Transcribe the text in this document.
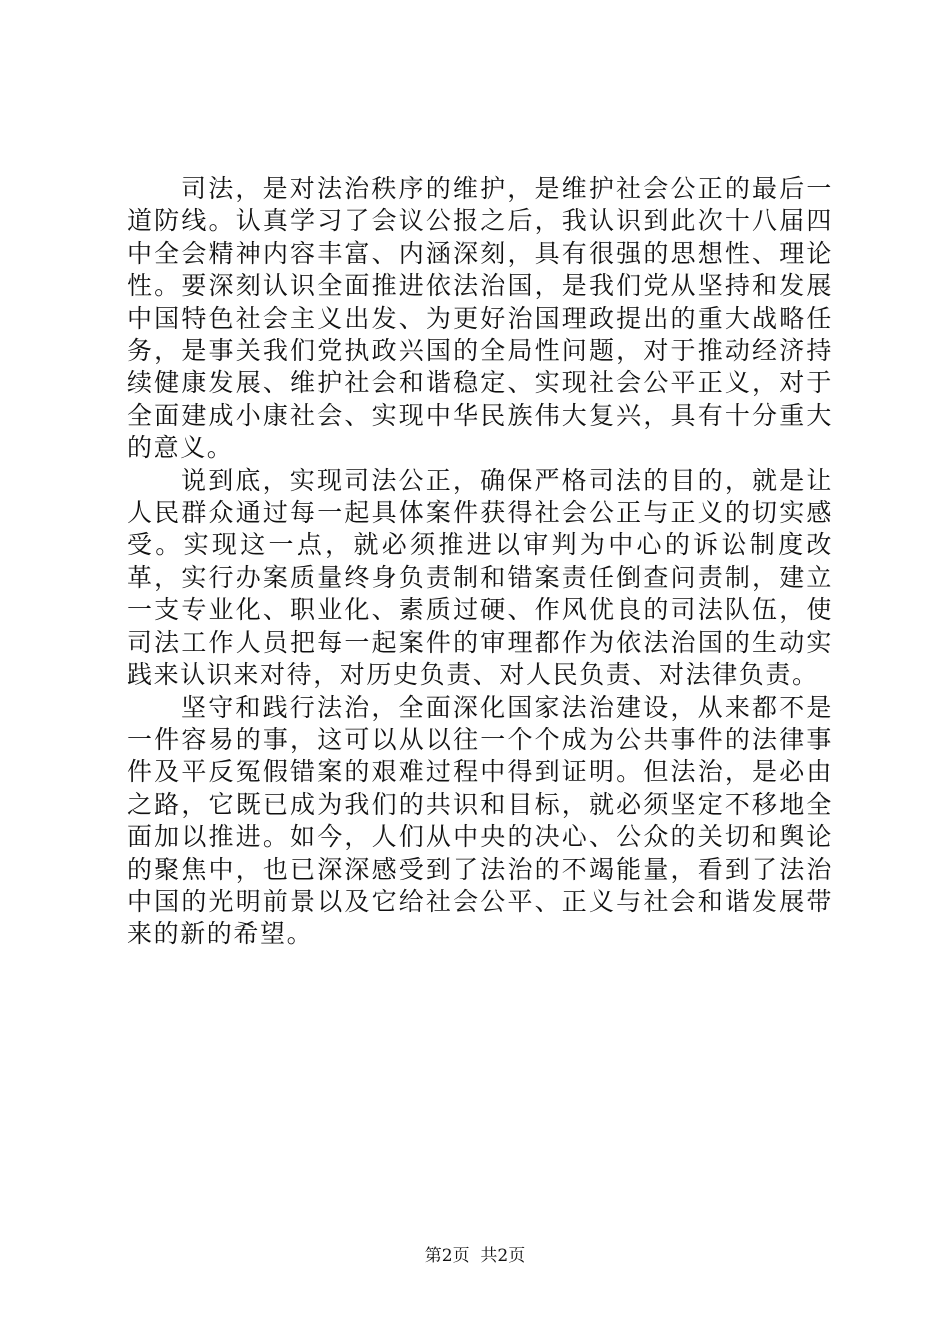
司法，是对法治秩序的维护，是维护社会公正的最后一道防线。认真学习了会议公报之后，我认识到此次十八届四中全会精神内容丰富、内涵深刻，具有很强的思想性、理论性。要深刻认识全面推进依法治国，是我们党从坚持和发展中国特色社会主义出发、为更好治国理政提出的重大战略任务，是事关我们党执政兴国的全局性问题，对于推动经济持续健康发展、维护社会和谐稳定、实现社会公平正义，对于全面建成小康社会、实现中华民族伟大复兴，具有十分重大的意义。

说到底，实现司法公正，确保严格司法的目的，就是让人民群众通过每一起具体案件获得社会公正与正义的切实感受。实现这一点，就必须推进以审判为中心的诉讼制度改革，实行办案质量终身负责制和错案责任倒查问责制，建立一支专业化、职业化、素质过硬、作风优良的司法队伍，使司法工作人员把每一起案件的审理都作为依法治国的生动实践来认识来对待，对历史负责、对人民负责、对法律负责。

坚守和践行法治，全面深化国家法治建设，从来都不是一件容易的事，这可以从以往一个个成为公共事件的法律事件及平反冤假错案的艰难过程中得到证明。但法治，是必由之路，它既已成为我们的共识和目标，就必须坚定不移地全面加以推进。如今，人们从中央的决心、公众的关切和舆论的聚焦中，也已深深感受到了法治的不竭能量，看到了法治中国的光明前景以及它给社会公平、正义与社会和谐发展带来的新的希望。

第2页  共2页
